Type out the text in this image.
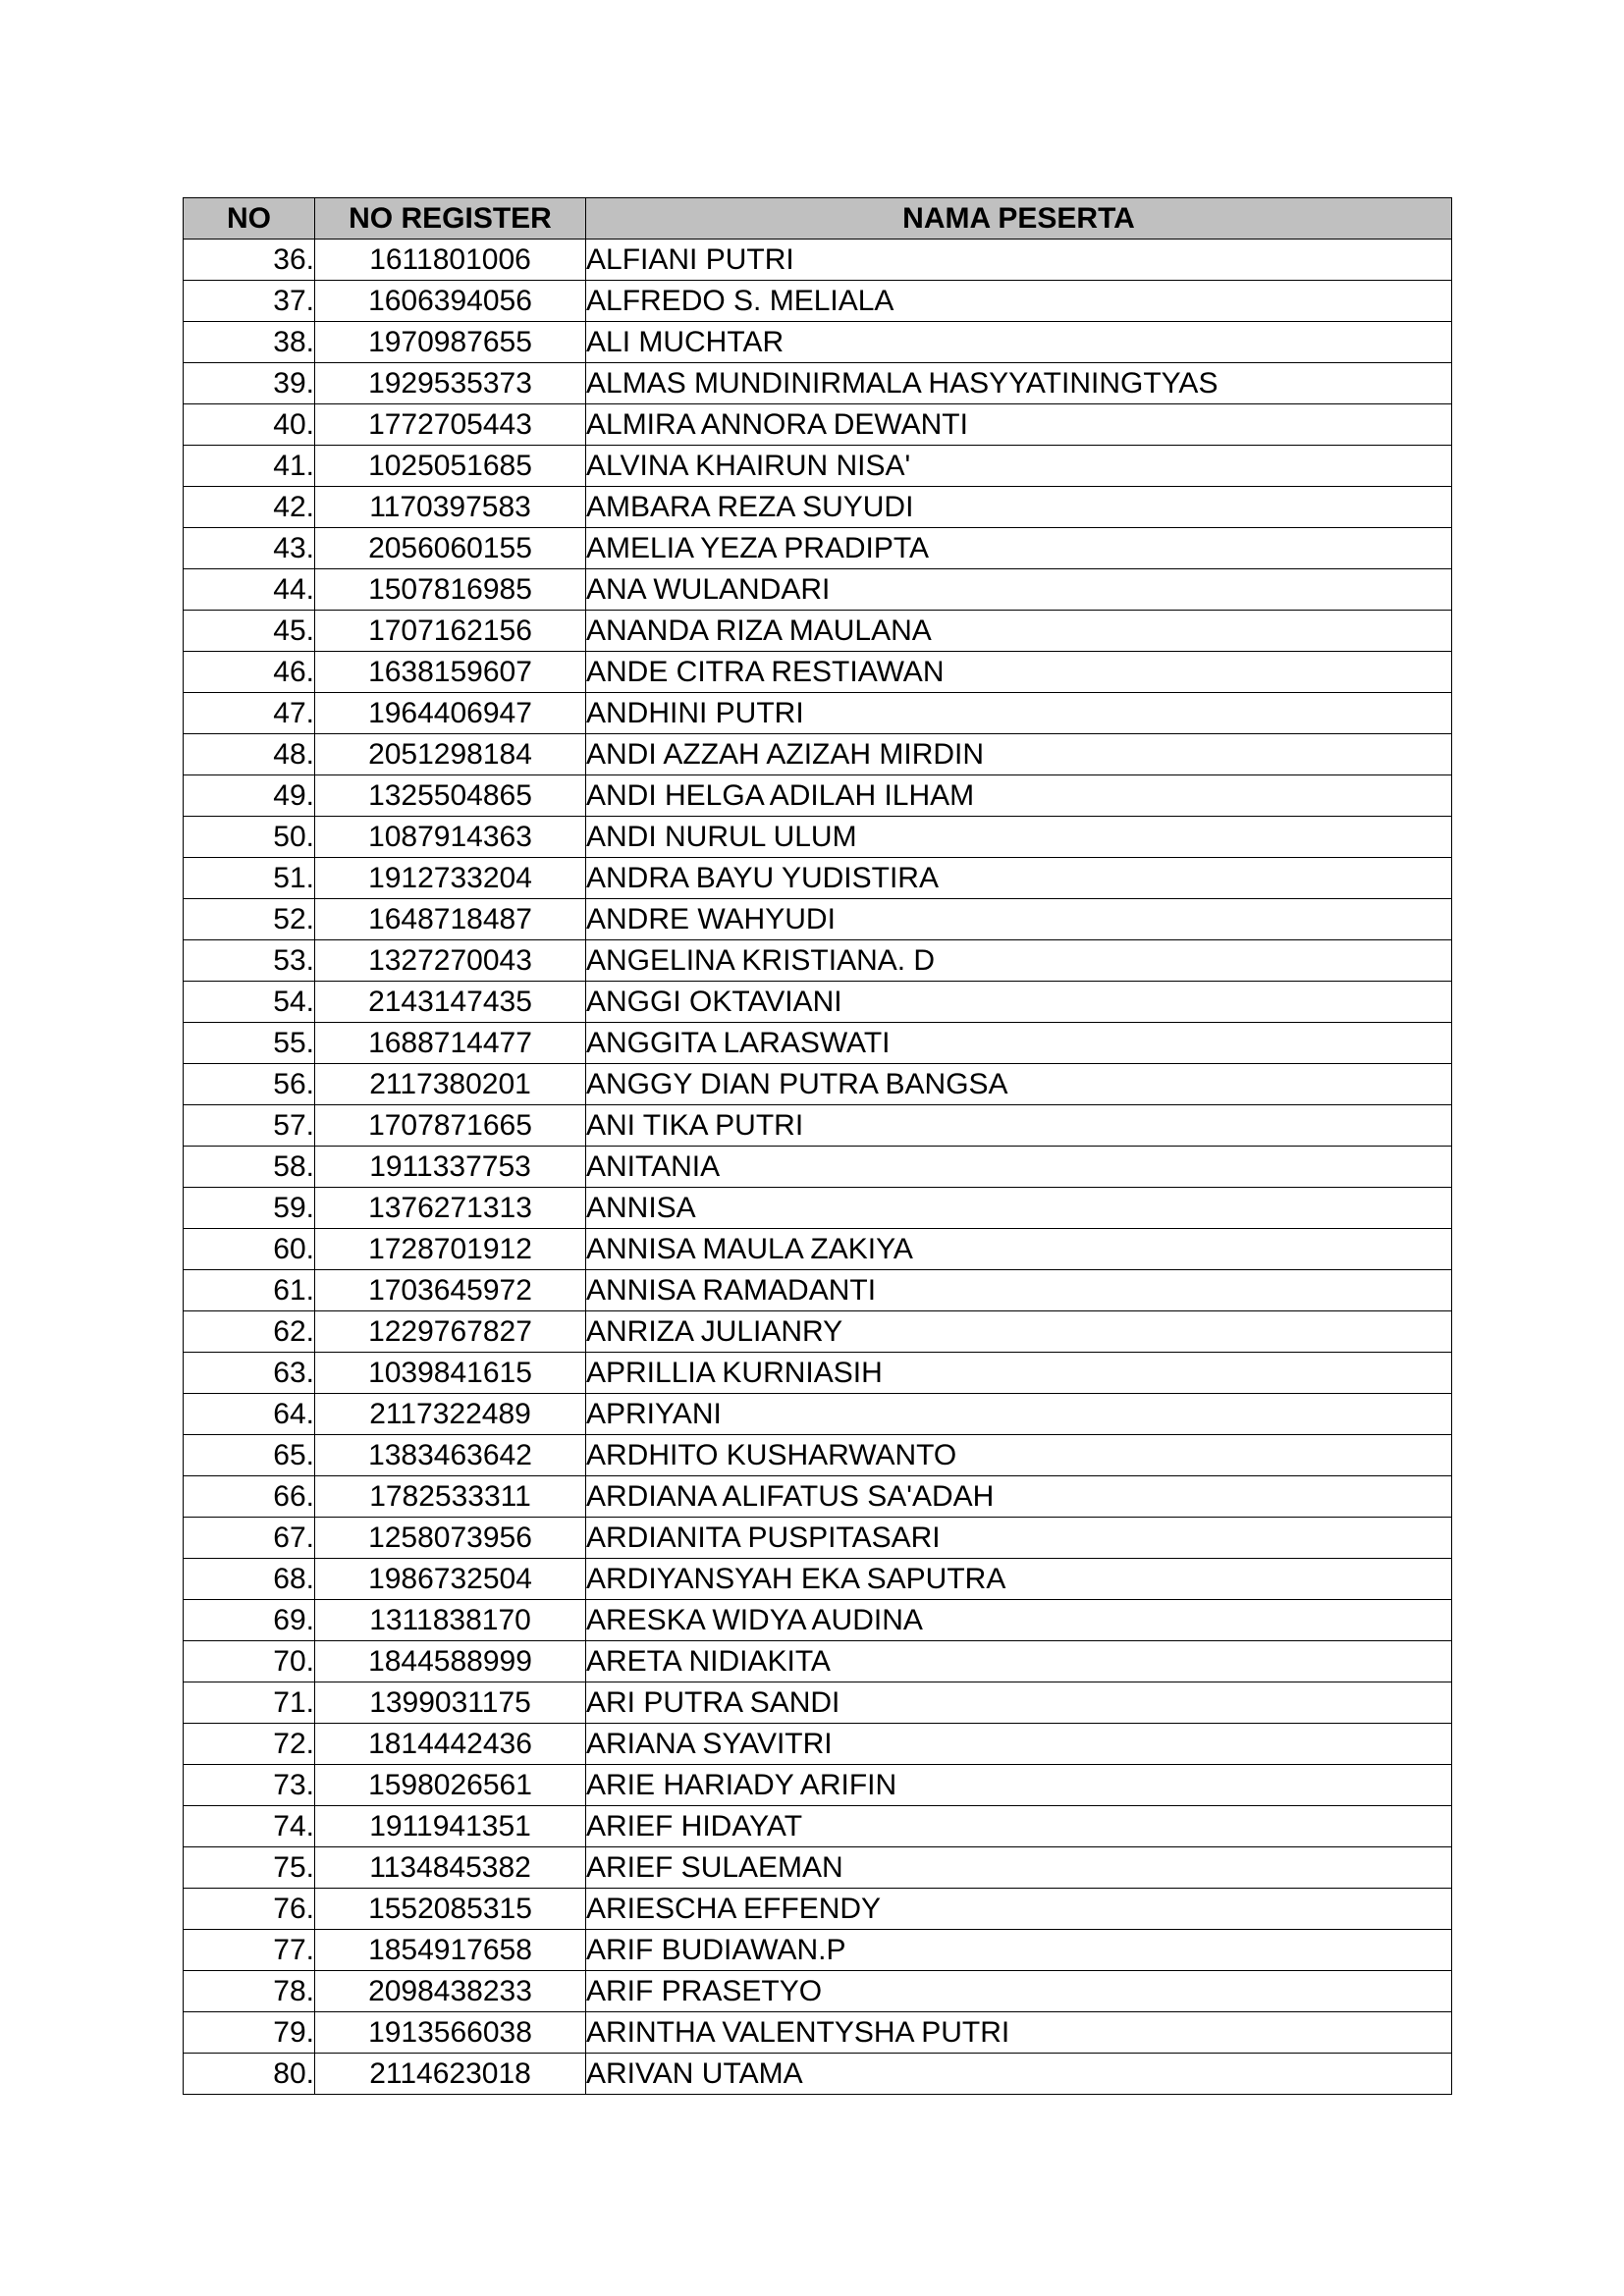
NO	NO REGISTER	NAMA PESERTA
36.	1611801006	ALFIANI PUTRI
37.	1606394056	ALFREDO S. MELIALA
38.	1970987655	ALI MUCHTAR
39.	1929535373	ALMAS MUNDINIRMALA HASYYATININGTYAS
40.	1772705443	ALMIRA ANNORA DEWANTI
41.	1025051685	ALVINA KHAIRUN NISA'
42.	1170397583	AMBARA REZA SUYUDI
43.	2056060155	AMELIA YEZA PRADIPTA
44.	1507816985	ANA WULANDARI
45.	1707162156	ANANDA RIZA MAULANA
46.	1638159607	ANDE CITRA RESTIAWAN
47.	1964406947	ANDHINI PUTRI
48.	2051298184	ANDI AZZAH AZIZAH MIRDIN
49.	1325504865	ANDI HELGA ADILAH ILHAM
50.	1087914363	ANDI NURUL ULUM
51.	1912733204	ANDRA BAYU YUDISTIRA
52.	1648718487	ANDRE WAHYUDI
53.	1327270043	ANGELINA KRISTIANA. D
54.	2143147435	ANGGI OKTAVIANI
55.	1688714477	ANGGITA LARASWATI
56.	2117380201	ANGGY DIAN PUTRA BANGSA
57.	1707871665	ANI TIKA PUTRI
58.	1911337753	ANITANIA
59.	1376271313	ANNISA
60.	1728701912	ANNISA MAULA ZAKIYA
61.	1703645972	ANNISA RAMADANTI
62.	1229767827	ANRIZA JULIANRY
63.	1039841615	APRILLIA KURNIASIH
64.	2117322489	APRIYANI
65.	1383463642	ARDHITO KUSHARWANTO
66.	1782533311	ARDIANA ALIFATUS SA'ADAH
67.	1258073956	ARDIANITA PUSPITASARI
68.	1986732504	ARDIYANSYAH EKA SAPUTRA
69.	1311838170	ARESKA WIDYA AUDINA
70.	1844588999	ARETA NIDIAKITA
71.	1399031175	ARI PUTRA SANDI
72.	1814442436	ARIANA SYAVITRI
73.	1598026561	ARIE HARIADY ARIFIN
74.	1911941351	ARIEF HIDAYAT
75.	1134845382	ARIEF SULAEMAN
76.	1552085315	ARIESCHA EFFENDY
77.	1854917658	ARIF BUDIAWAN.P
78.	2098438233	ARIF PRASETYO
79.	1913566038	ARINTHA VALENTYSHA PUTRI
80.	2114623018	ARIVAN UTAMA
